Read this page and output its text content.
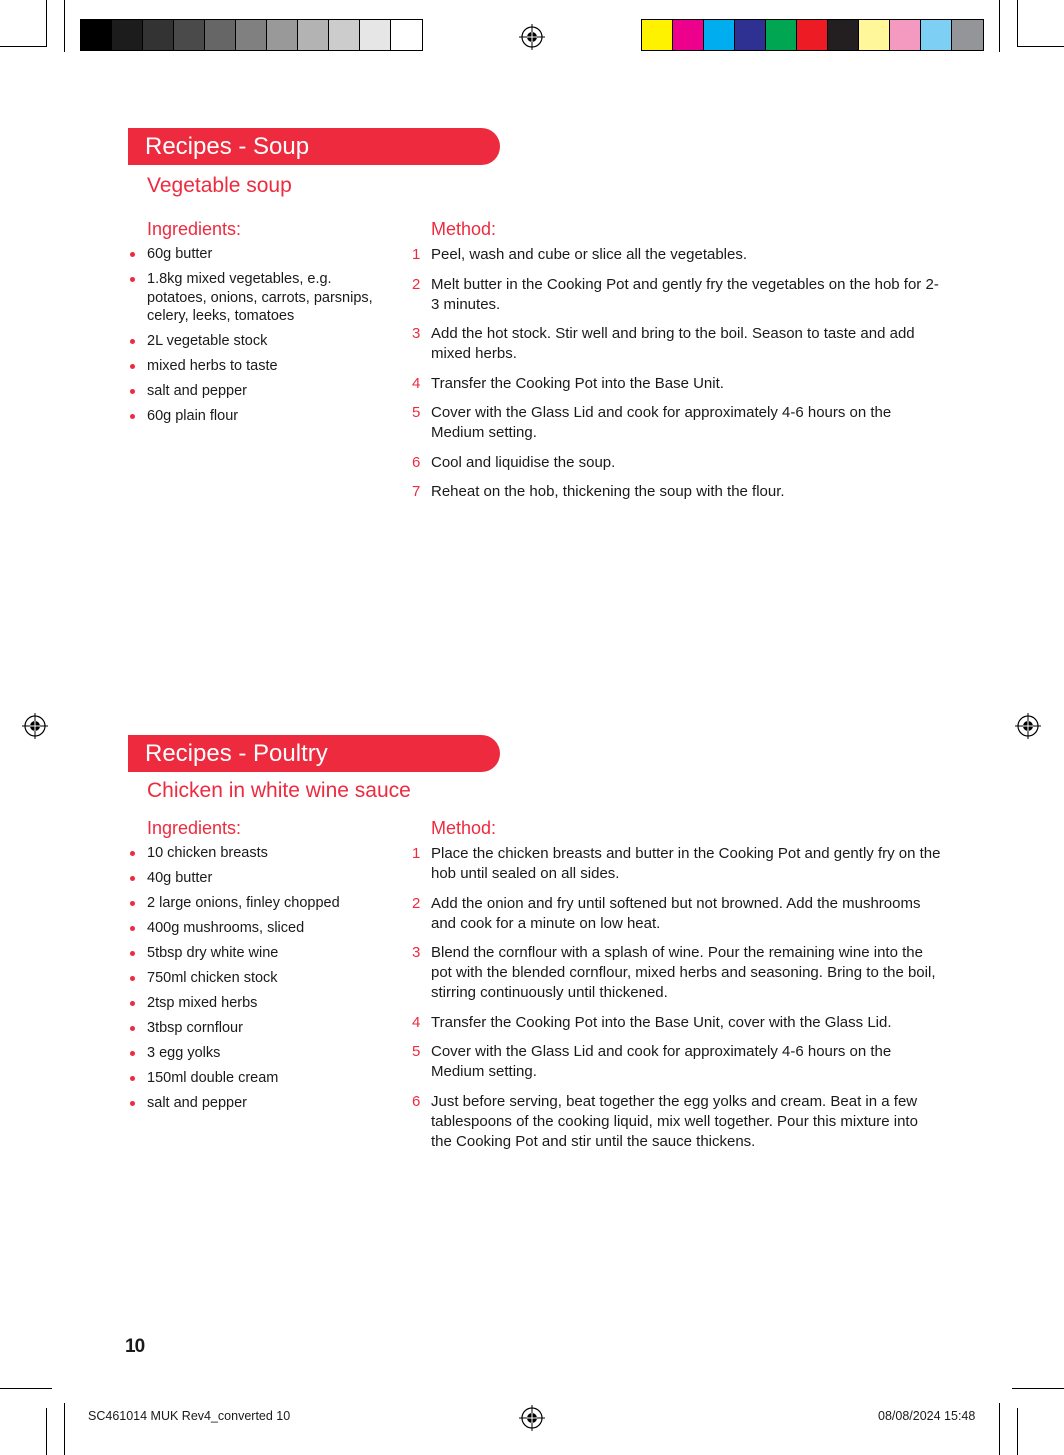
Recipes - Soup
Vegetable soup
Ingredients:	Method:
60g butter
1.8kg mixed vegetables, e.g. potatoes, onions, carrots, parsnips, celery, leeks, tomatoes
2L vegetable stock
mixed herbs to taste
salt and pepper
60g plain flour
1 Peel, wash and cube or slice all the vegetables.
2 Melt butter in the Cooking Pot and gently fry the vegetables on the hob for 2-3 minutes.
3 Add the hot stock. Stir well and bring to the boil. Season to taste and add mixed herbs.
4 Transfer the Cooking Pot into the Base Unit.
5 Cover with the Glass Lid and cook for approximately 4-6 hours on the Medium setting.
6 Cool and liquidise the soup.
7 Reheat on the hob, thickening the soup with the flour.
Recipes - Poultry
Chicken in white wine sauce
Ingredients:	Method:
10 chicken breasts
40g butter
2 large onions, finley chopped
400g mushrooms, sliced
5tbsp dry white wine
750ml chicken stock
2tsp mixed herbs
3tbsp cornflour
3 egg yolks
150ml double cream
salt and pepper
1 Place the chicken breasts and butter in the Cooking Pot and gently fry on the hob until sealed on all sides.
2 Add the onion and fry until softened but not browned. Add the mushrooms and cook for a minute on low heat.
3 Blend the cornflour with a splash of wine. Pour the remaining wine into the pot with the blended cornflour, mixed herbs and seasoning. Bring to the boil, stirring continuously until thickened.
4 Transfer the Cooking Pot into the Base Unit, cover with the Glass Lid.
5 Cover with the Glass Lid and cook for approximately 4-6 hours on the Medium setting.
6 Just before serving, beat together the egg yolks and cream. Beat in a few tablespoons of the cooking liquid, mix well together. Pour this mixture into the Cooking Pot and stir until the sauce thickens.
10
SC461014 MUK Rev4_converted 10	08/08/2024 15:48
